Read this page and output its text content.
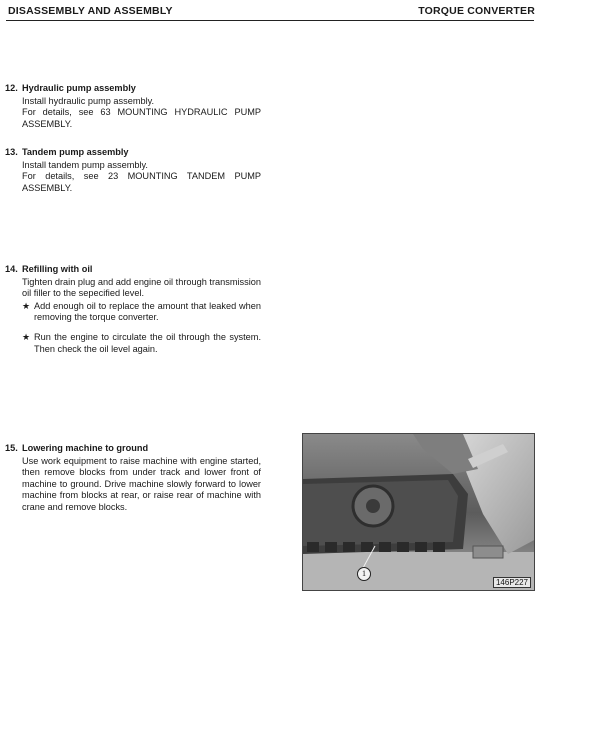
DISASSEMBLY AND ASSEMBLY	TORQUE CONVERTER
12. Hydraulic pump assembly

Install hydraulic pump assembly.

For details, see 63 MOUNTING HYDRAULIC PUMP ASSEMBLY.

13. Tandem pump assembly

Install tandem pump assembly.

For details, see 23 MOUNTING TANDEM PUMP ASSEMBLY.

14. Refilling with oil

Tighten drain plug and add engine oil through transmission oil filler to the sepecified level.

★ Add enough oil to replace the amount that leaked when removing the torque converter.
★ Run the engine to circulate the oil through the system. Then check the oil level again.
15. Lowering machine to ground

Use work equipment to raise machine with engine started, then remove blocks from under track and lower front of machine to ground. Drive machine slowly forward to lower machine from blocks at rear, or raise rear of machine with crane and remove blocks.

1
146P227
